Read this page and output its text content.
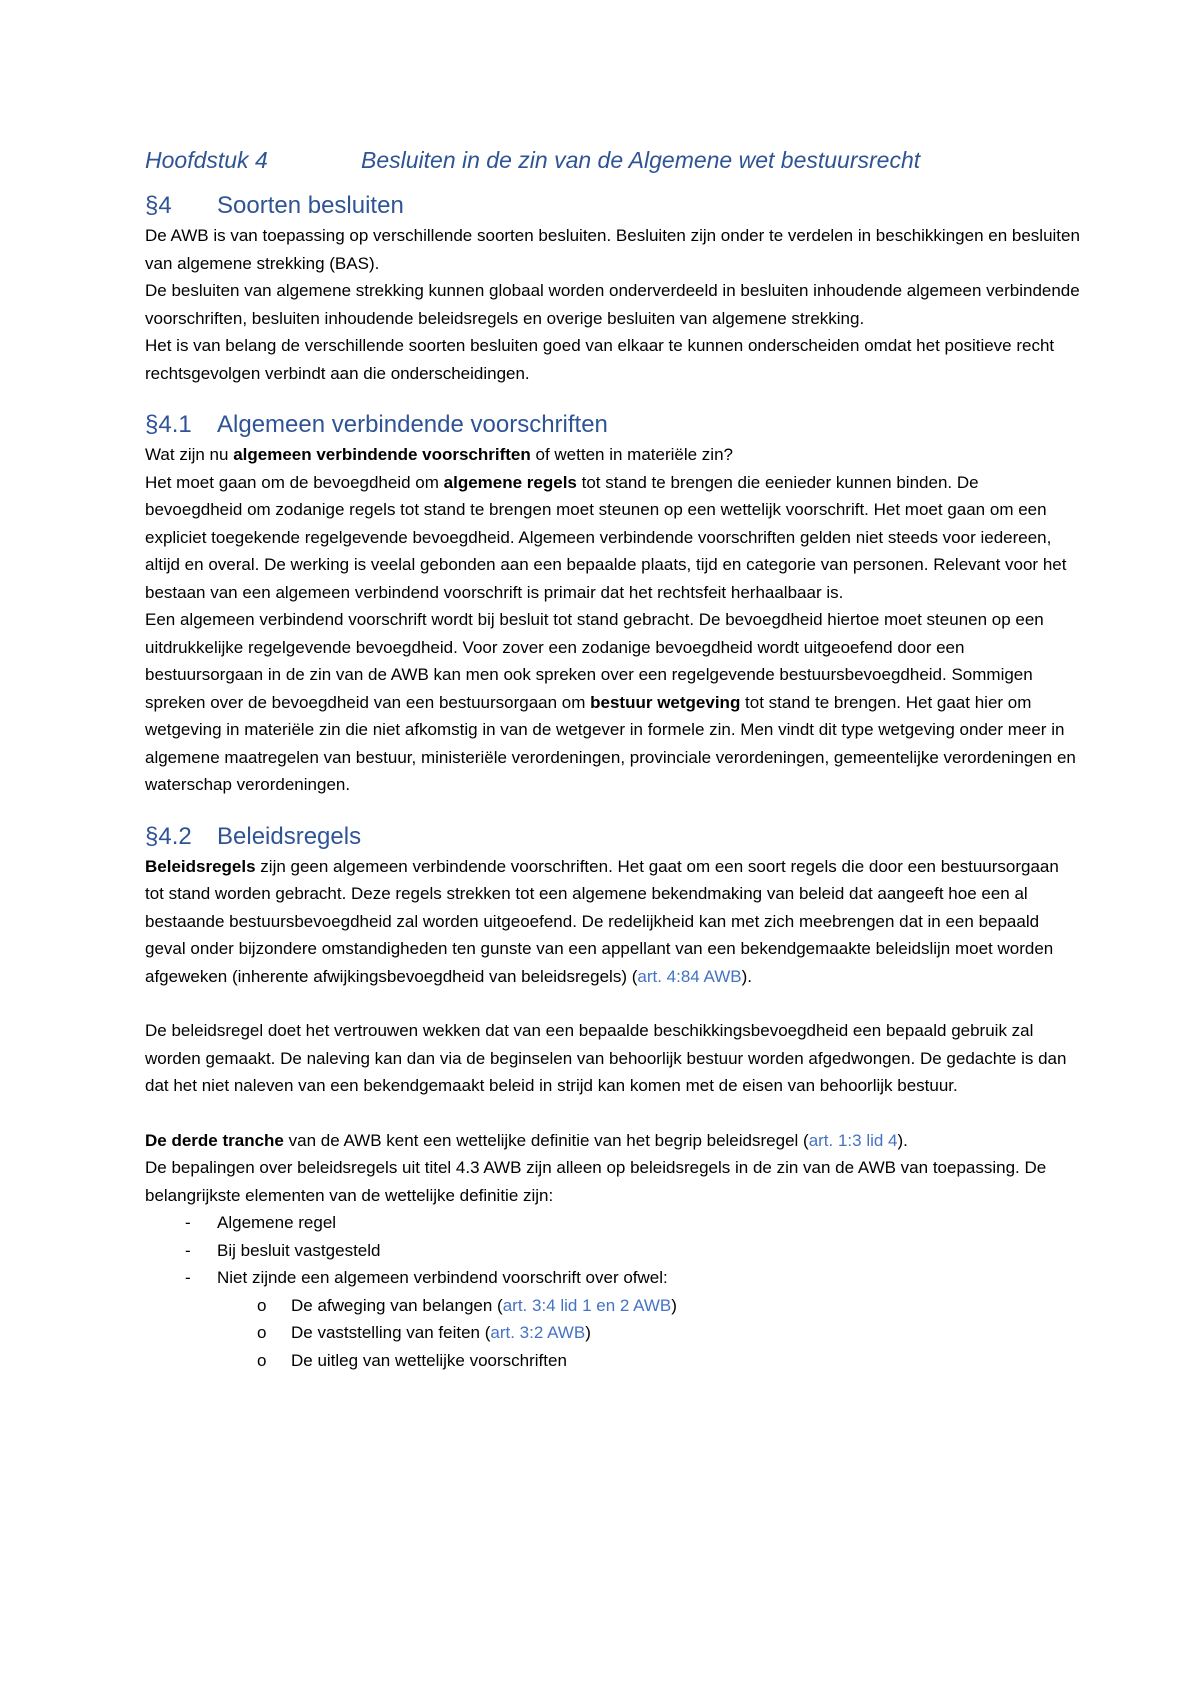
Hoofdstuk 4	Besluiten in de zin van de Algemene wet bestuursrecht
§4 Soorten besluiten

De AWB is van toepassing op verschillende soorten besluiten. Besluiten zijn onder te verdelen in beschikkingen en besluiten van algemene strekking (BAS).

De besluiten van algemene strekking kunnen globaal worden onderverdeeld in besluiten inhoudende algemeen verbindende voorschriften, besluiten inhoudende beleidsregels en overige besluiten van algemene strekking.

Het is van belang de verschillende soorten besluiten goed van elkaar te kunnen onderscheiden omdat het positieve recht rechtsgevolgen verbindt aan die onderscheidingen.

§4.1 Algemeen verbindende voorschriften

Wat zijn nu algemeen verbindende voorschriften of wetten in materiële zin?

Het moet gaan om de bevoegdheid om algemene regels tot stand te brengen die eenieder kunnen binden. De bevoegdheid om zodanige regels tot stand te brengen moet steunen op een wettelijk voorschrift. Het moet gaan om een expliciet toegekende regelgevende bevoegdheid. Algemeen verbindende voorschriften gelden niet steeds voor iedereen, altijd en overal. De werking is veelal gebonden aan een bepaalde plaats, tijd en categorie van personen. Relevant voor het bestaan van een algemeen verbindend voorschrift is primair dat het rechtsfeit herhaalbaar is.

Een algemeen verbindend voorschrift wordt bij besluit tot stand gebracht. De bevoegdheid hiertoe moet steunen op een uitdrukkelijke regelgevende bevoegdheid. Voor zover een zodanige bevoegdheid wordt uitgeoefend door een bestuursorgaan in de zin van de AWB kan men ook spreken over een regelgevende bestuursbevoegdheid. Sommigen spreken over de bevoegdheid van een bestuursorgaan om bestuur wetgeving tot stand te brengen. Het gaat hier om wetgeving in materiële zin die niet afkomstig in van de wetgever in formele zin. Men vindt dit type wetgeving onder meer in algemene maatregelen van bestuur, ministeriële verordeningen, provinciale verordeningen, gemeentelijke verordeningen en waterschap verordeningen.

§4.2 Beleidsregels

Beleidsregels zijn geen algemeen verbindende voorschriften. Het gaat om een soort regels die door een bestuursorgaan tot stand worden gebracht. Deze regels strekken tot een algemene bekendmaking van beleid dat aangeeft hoe een al bestaande bestuursbevoegdheid zal worden uitgeoefend. De redelijkheid kan met zich meebrengen dat in een bepaald geval onder bijzondere omstandigheden ten gunste van een appellant van een bekendgemaakte beleidslijn moet worden afgeweken (inherente afwijkingsbevoegdheid van beleidsregels) (art. 4:84 AWB).

De beleidsregel doet het vertrouwen wekken dat van een bepaalde beschikkingsbevoegdheid een bepaald gebruik zal worden gemaakt. De naleving kan dan via de beginselen van behoorlijk bestuur worden afgedwongen. De gedachte is dan dat het niet naleven van een bekendgemaakt beleid in strijd kan komen met de eisen van behoorlijk bestuur.

De derde tranche van de AWB kent een wettelijke definitie van het begrip beleidsregel (art. 1:3 lid 4).

De bepalingen over beleidsregels uit titel 4.3 AWB zijn alleen op beleidsregels in de zin van de AWB van toepassing. De belangrijkste elementen van de wettelijke definitie zijn:

- Algemene regel
- Bij besluit vastgesteld
- Niet zijnde een algemeen verbindend voorschrift over ofwel:
o De afweging van belangen (art. 3:4 lid 1 en 2 AWB)
o De vaststelling van feiten (art. 3:2 AWB)
o De uitleg van wettelijke voorschriften
